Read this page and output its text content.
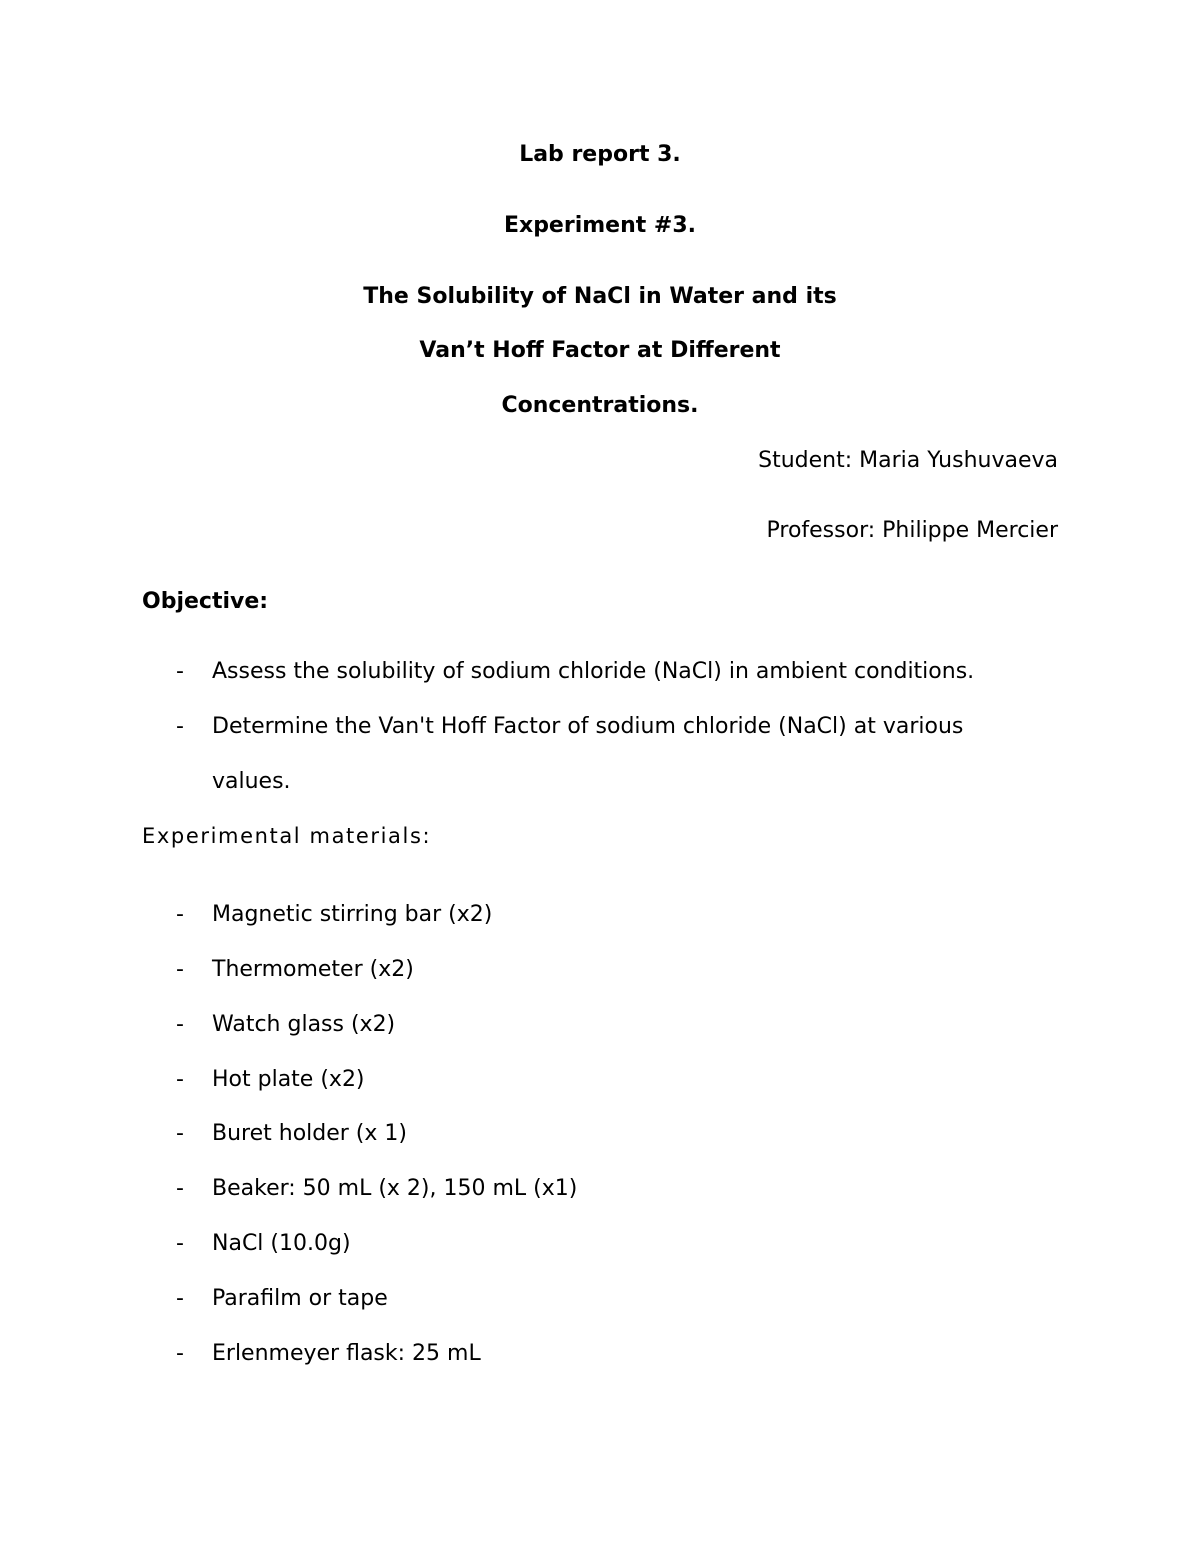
Lab report 3.
Experiment #3.
The Solubility of NaCl in Water and its
Van’t Hoff Factor at Different
Concentrations.
Student: Maria Yushuvaeva
Professor: Philippe Mercier
Objective:
- Assess the solubility of sodium chloride (NaCl) in ambient conditions.
- Determine the Van't Hoff Factor of sodium chloride (NaCl) at various
values.
Experimental materials:
- Magnetic stirring bar (x2)
- Thermometer (x2)
- Watch glass (x2)
- Hot plate (x2)
- Buret holder (x 1)
- Beaker: 50 mL (x 2), 150 mL (x1)
- NaCl (10.0g)
- Parafilm or tape
- Erlenmeyer flask: 25 mL
